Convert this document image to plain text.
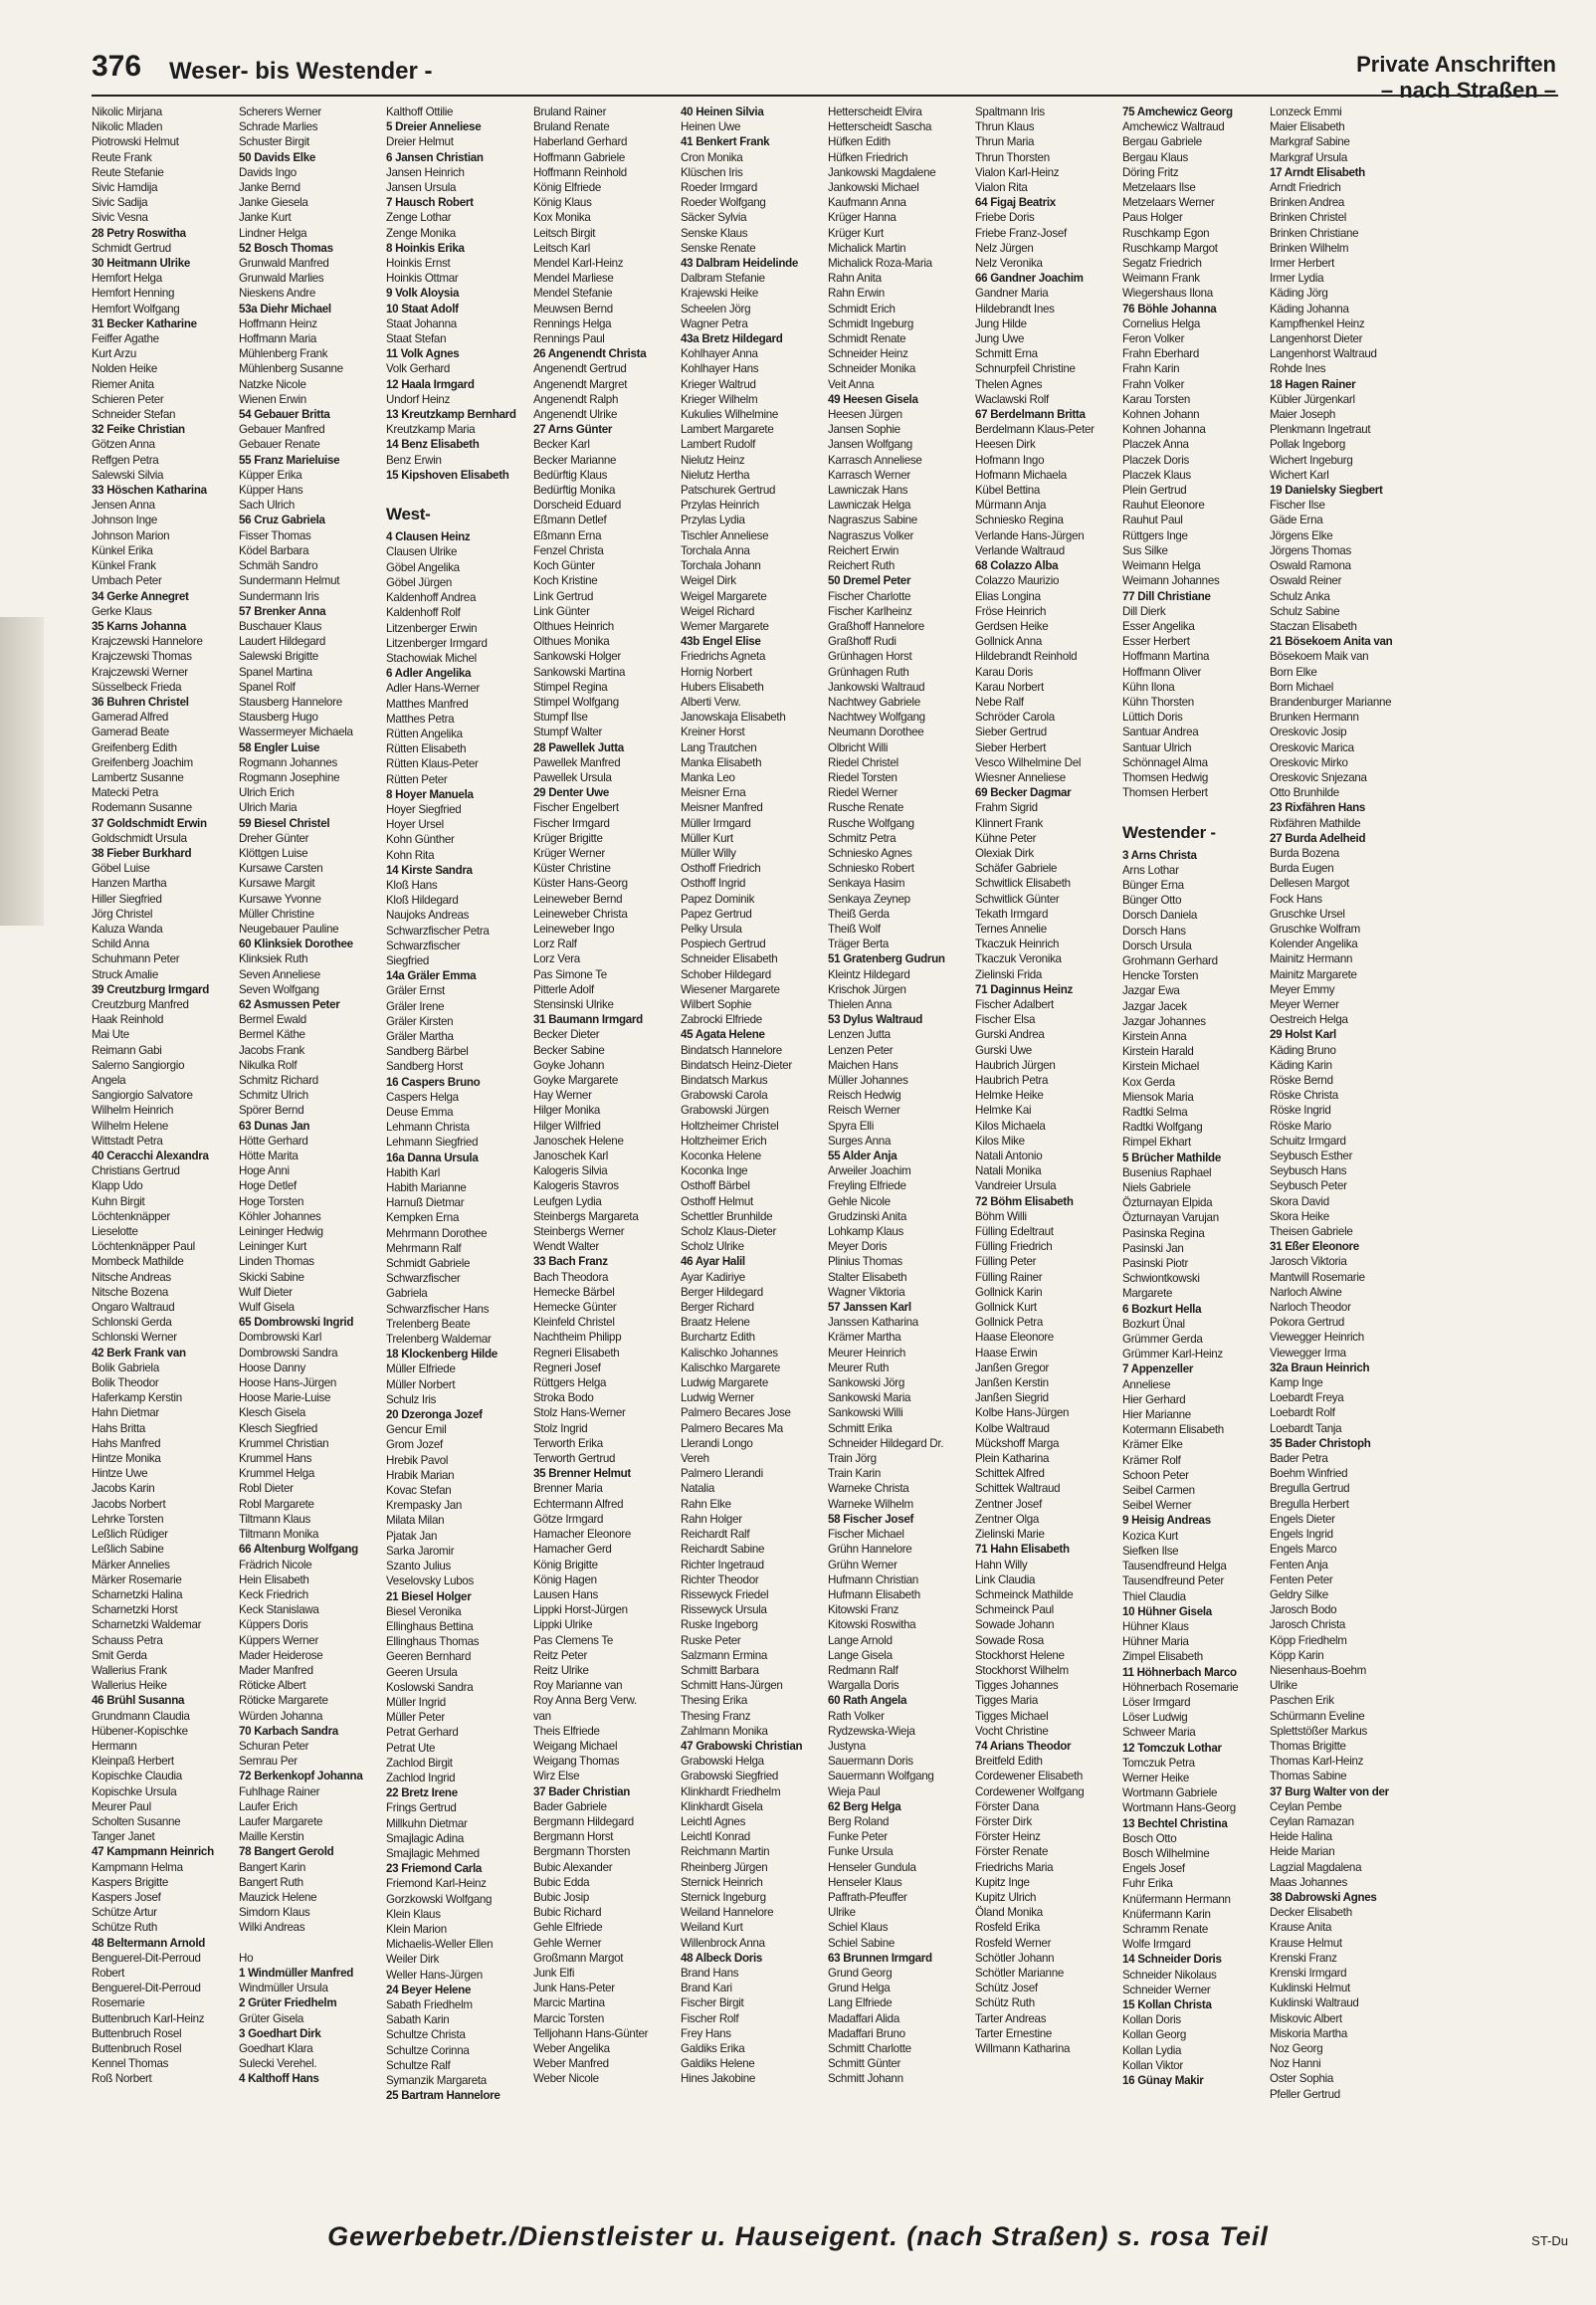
376 Weser- bis Westender -	Private Anschriften
– nach Straßen –
Nikolic Mirjana
Nikolic Mladen
Piotrowski Helmut
Reute Frank
Reute Stefanie
Sivic Hamdija
Sivic Sadija
Sivic Vesna
28 Petry Roswitha
Schmidt Gertrud
30 Heitmann Ulrike
Hemfort Helga
Hemfort Henning
Hemfort Wolfgang
31 Becker Katharine
Feiffer Agathe
Kurt Arzu
Nolden Heike
Riemer Anita
Schieren Peter
Schneider Stefan
32 Feike Christian
Götzen Anna
Reffgen Petra
Salewski Silvia
33 Höschen Katharina
Jensen Anna
Johnson Inge
Johnson Marion
Künkel Erika
Künkel Frank
Umbach Peter
34 Gerke Annegret
Gerke Klaus
35 Karns Johanna
Krajczewski Hannelore
Krajczewski Thomas
Krajczewski Werner
Süsselbeck Frieda
36 Buhren Christel
Gamerad Alfred
Gamerad Beate
Greifenberg Edith
Greifenberg Joachim
Lambertz Susanne
Matecki Petra
Rodemann Susanne
37 Goldschmidt Erwin
Goldschmidt Ursula
38 Fieber Burkhard
Göbel Luise
Hanzen Martha
Hiller Siegfried
Jörg Christel
Kaluza Wanda
Schild Anna
Schuhmann Peter
Struck Amalie
39 Creutzburg Irmgard
Creutzburg Manfred
Haak Reinhold
Mai Ute
Reimann Gabi
Salerno Sangiorgio
Angela
Sangiorgio Salvatore
Wilhelm Heinrich
Wilhelm Helene
Wittstadt Petra
40 Ceracchi Alexandra
Christians Gertrud
Klapp Udo
Kuhn Birgit
Löchtenknäpper
Lieselotte
Löchtenknäpper Paul
Mombeck Mathilde
Nitsche Andreas
Nitsche Bozena
Ongaro Waltraud
Schlonski Gerda
Schlonski Werner
42 Berk Frank van
Bolik Gabriela
Bolik Theodor
Haferkamp Kerstin
Hahn Dietmar
Hahs Britta
Hahs Manfred
Hintze Monika
Hintze Uwe
Jacobs Karin
Jacobs Norbert
Lehrke Torsten
Leßlich Rüdiger
Leßlich Sabine
Märker Annelies
Märker Rosemarie
Scharnetzki Halina
Scharnetzki Horst
Scharnetzki Waldemar
Schauss Petra
Smit Gerda
Wallerius Frank
Wallerius Heike
46 Brühl Susanna
Grundmann Claudia
Hübener-Kopischke
Hermann
Kleinpaß Herbert
Kopischke Claudia
Kopischke Ursula
Meurer Paul
Scholten Susanne
Tanger Janet
47 Kampmann Heinrich
Kampmann Helma
Kaspers Brigitte
Kaspers Josef
Schütze Artur
Schütze Ruth
48 Beltermann Arnold
Benguerel-Dit-Perroud
Robert
Benguerel-Dit-Perroud
Rosemarie
Buttenbruch Karl-Heinz
Buttenbruch Rosel
Buttenbruch Rosel
Kennel Thomas
Roß Norbert
Scherers Werner
Schrade Marlies
Schuster Birgit
50 Davids Elke
Davids Ingo
Janke Bernd
Janke Giesela
Janke Kurt
Lindner Helga
52 Bosch Thomas
Grunwald Manfred
Grunwald Marlies
Nieskens Andre
53a Diehr Michael
Hoffmann Heinz
Hoffmann Maria
Mühlenberg Frank
Mühlenberg Susanne
Natzke Nicole
Wienen Erwin
54 Gebauer Britta
Gebauer Manfred
Gebauer Renate
55 Franz Marieluise
Küpper Erika
Küpper Hans
Sach Ulrich
56 Cruz Gabriela
Fisser Thomas
Ködel Barbara
Schmäh Sandro
Sundermann Helmut
Sundermann Iris
57 Brenker Anna
Buschauer Klaus
Laudert Hildegard
Salewski Brigitte
Spanel Martina
Spanel Rolf
Stausberg Hannelore
Stausberg Hugo
Wassermeyer Michaela
58 Engler Luise
Rogmann Johannes
Rogmann Josephine
Ulrich Erich
Ulrich Maria
59 Biesel Christel
Dreher Günter
Klöttgen Luise
Kursawe Carsten
Kursawe Margit
Kursawe Yvonne
Müller Christine
Neugebauer Pauline
60 Klinksiek Dorothee
Klinksiek Ruth
Seven Anneliese
Seven Wolfgang
62 Asmussen Peter
Bermel Ewald
Bermel Käthe
Jacobs Frank
Nikulka Rolf
Schmitz Richard
Schmitz Ulrich
Spörer Bernd
63 Dunas Jan
Hötte Gerhard
Hötte Marita
Hoge Anni
Hoge Detlef
Hoge Torsten
Köhler Johannes
Leininger Hedwig
Leininger Kurt
Linden Thomas
Skicki Sabine
Wulf Dieter
Wulf Gisela
65 Dombrowski Ingrid
Dombrowski Karl
Dombrowski Sandra
Hoose Danny
Hoose Hans-Jürgen
Hoose Marie-Luise
Klesch Gisela
Klesch Siegfried
Krummel Christian
Krummel Hans
Krummel Helga
Robl Dieter
Robl Margarete
Tiltmann Klaus
Tiltmann Monika
66 Altenburg Wolfgang
Frädrich Nicole
Hein Elisabeth
Keck Friedrich
Keck Stanislawa
Küppers Doris
Küppers Werner
Mader Heiderose
Mader Manfred
Röticke Albert
Röticke Margarete
Würden Johanna
70 Karbach Sandra
Schuran Peter
Semrau Per
72 Berkenkopf Johanna
Fuhlhage Rainer
Laufer Erich
Laufer Margarete
Maille Kerstin
78 Bangert Gerold
Bangert Karin
Bangert Ruth
Mauzick Helene
Simdorn Klaus
Wilki Andreas

Ho
1 Windmüller Manfred
Windmüller Ursula
2 Grüter Friedhelm
Grüter Gisela
3 Goedhart Dirk
Goedhart Klara
Sulecki Verehel.
4 Kalthoff Hans
Kalthoff Ottilie
5 Dreier Anneliese
Dreier Helmut
6 Jansen Christian
Jansen Heinrich
Jansen Ursula
7 Hausch Robert
Zenge Lothar
Zenge Monika
8 Hoinkis Erika
Hoinkis Ernst
Hoinkis Ottmar
9 Volk Aloysia
10 Staat Adolf
Staat Johanna
Staat Stefan
11 Volk Agnes
Volk Gerhard
12 Haala Irmgard
Undorf Heinz
13 Kreutzkamp Bernhard
Kreutzkamp Maria
14 Benz Elisabeth
Benz Erwin
15 Kipshoven Elisabeth

West-
4 Clausen Heinz
Clausen Ulrike
Göbel Angelika
Göbel Jürgen
Kaldenhoff Andrea
Kaldenhoff Rolf
Litzenberger Erwin
Litzenberger Irmgard
Stachowiak Michel
6 Adler Angelika
Adler Hans-Werner
Matthes Manfred
Matthes Petra
Rütten Angelika
Rütten Elisabeth
Rütten Klaus-Peter
Rütten Peter
8 Hoyer Manuela
Hoyer Siegfried
Hoyer Ursel
Kohn Günther
Kohn Rita
14 Kirste Sandra
Kloß Hans
Kloß Hildegard
Naujoks Andreas
Schwarzfischer Petra
Schwarzfischer
Siegfried
14a Gräler Emma
Gräler Ernst
Gräler Irene
Gräler Kirsten
Gräler Martha
Sandberg Bärbel
Sandberg Horst
16 Caspers Bruno
Caspers Helga
Deuse Emma
Lehmann Christa
Lehmann Siegfried
16a Danna Ursula
Habith Karl
Habith Marianne
Harnuß Dietmar
Kempken Erna
Mehrmann Dorothee
Mehrmann Ralf
Schmidt Gabriele
Schwarzfischer
Gabriela
Schwarzfischer Hans
Trelenberg Beate
Trelenberg Waldemar
18 Klockenberg Hilde
Müller Elfriede
Müller Norbert
Schulz Iris
20 Dzeronga Jozef
Gencur Emil
Grom Jozef
Hrebik Pavol
Hrabik Marian
Kovac Stefan
Krempasky Jan
Milata Milan
Pjatak Jan
Sarka Jaromir
Szanto Julius
Veselovsky Lubos
21 Biesel Holger
Biesel Veronika
Ellinghaus Bettina
Ellinghaus Thomas
Geeren Bernhard
Geeren Ursula
Koslowski Sandra
Müller Ingrid
Müller Peter
Petrat Gerhard
Petrat Ute
Zachlod Birgit
Zachlod Ingrid
22 Bretz Irene
Frings Gertrud
Millkuhn Dietmar
Smajlagic Adina
Smajlagic Mehmed
23 Friemond Carla
Friemond Karl-Heinz
Gorzkowski Wolfgang
Klein Klaus
Klein Marion
Michaelis-Weller Ellen
Weiler Dirk
Weller Hans-Jürgen
24 Beyer Helene
Sabath Friedhelm
Sabath Karin
Schultze Christa
Schultze Corinna
Schultze Ralf
Symanzik Margareta
25 Bartram Hannelore
Bruland Rainer
Bruland Renate
Haberland Gerhard
Hoffmann Gabriele
Hoffmann Reinhold
König Elfriede
König Klaus
Kox Monika
Leitsch Birgit
Leitsch Karl
Mendel Karl-Heinz
Mendel Marliese
Mendel Stefanie
Meuwsen Bernd
Rennings Helga
Rennings Paul
26 Angenendt Christa
Angenendt Gertrud
Angenendt Margret
Angenendt Ralph
Angenendt Ulrike
27 Arns Günter
Becker Karl
Becker Marianne
Bedürftig Klaus
Bedürftig Monika
Dorscheid Eduard
Eßmann Detlef
Eßmann Erna
Fenzel Christa
Koch Günter
Koch Kristine
Link Gertrud
Link Günter
Olthues Heinrich
Olthues Monika
Sankowski Holger
Sankowski Martina
Stimpel Regina
Stimpel Wolfgang
Stumpf Ilse
Stumpf Walter
28 Pawellek Jutta
Pawellek Manfred
Pawellek Ursula
29 Denter Uwe
Fischer Engelbert
Fischer Irmgard
Krüger Brigitte
Krüger Werner
Küster Christine
Küster Hans-Georg
Leineweber Bernd
Leineweber Christa
Leineweber Ingo
Lorz Ralf
Lorz Vera
Pas Simone Te
Pitterle Adolf
Stensinski Ulrike
31 Baumann Irmgard
Becker Dieter
Becker Sabine
Goyke Johann
Goyke Margarete
Hay Werner
Hilger Monika
Hilger Wilfried
Janoschek Helene
Janoschek Karl
Kalogeris Silvia
Kalogeris Stavros
Leufgen Lydia
Steinbergs Margareta
Steinbergs Werner
Wendt Walter
33 Bach Franz
Bach Theodora
Hemecke Bärbel
Hemecke Günter
Kleinfeld Christel
Nachtheim Philipp
Regneri Elisabeth
Regneri Josef
Rüttgers Helga
Stroka Bodo
Stolz Hans-Werner
Stolz Ingrid
Terworth Erika
Terworth Gertrud
35 Brenner Helmut
Brenner Maria
Echtermann Alfred
Götze Irmgard
Hamacher Eleonore
Hamacher Gerd
König Brigitte
König Hagen
Lausen Hans
Lippki Horst-Jürgen
Lippki Ulrike
Pas Clemens Te
Reitz Peter
Reitz Ulrike
Roy Marianne van
Roy Anna Berg Verw.
van
Theis Elfriede
Weigang Michael
Weigang Thomas
Wirz Else
37 Bader Christian
Bader Gabriele
Bergmann Hildegard
Bergmann Horst
Bergmann Thorsten
Bubic Alexander
Bubic Edda
Bubic Josip
Bubic Richard
Gehle Elfriede
Gehle Werner
Großmann Margot
Junk Elfi
Junk Hans-Peter
Marcic Martina
Marcic Torsten
Telljohann Hans-Günter
Weber Angelika
Weber Manfred
Weber Nicole
40 Heinen Silvia
Heinen Uwe
41 Benkert Frank
Cron Monika
Klüschen Iris
Roeder Irmgard
Roeder Wolfgang
Säcker Sylvia
Senske Klaus
Senske Renate
43 Dalbram Heidelinde
Dalbram Stefanie
Krajewski Heike
Scheelen Jörg
Wagner Petra
43a Bretz Hildegard
Kohlhayer Anna
Kohlhayer Hans
Krieger Waltrud
Krieger Wilhelm
Kukulies Wilhelmine
Lambert Margarete
Lambert Rudolf
Nielutz Heinz
Nielutz Hertha
Patschurek Gertrud
Przylas Heinrich
Przylas Lydia
Tischler Anneliese
Torchala Anna
Torchala Johann
Weigel Dirk
Weigel Margarete
Weigel Richard
Wemer Margarete
43b Engel Elise
Friedrichs Agneta
Hornig Norbert
Hubers Elisabeth
Alberti Verw.
Janowskaja Elisabeth
Kreiner Horst
Lang Trautchen
Manka Elisabeth
Manka Leo
Meisner Erna
Meisner Manfred
Müller Irmgard
Müller Kurt
Müller Willy
Osthoff Friedrich
Osthoff Ingrid
Papez Dominik
Papez Gertrud
Pelky Ursula
Pospiech Gertrud
Schneider Elisabeth
Schober Hildegard
Wiesener Margarete
Wilbert Sophie
Zabrocki Elfriede
45 Agata Helene
Bindatsch Hannelore
Bindatsch Heinz-Dieter
Bindatsch Markus
Grabowski Carola
Grabowski Jürgen
Holtzheimer Christel
Holtzheimer Erich
Koconka Helene
Koconka Inge
Osthoff Bärbel
Osthoff Helmut
Schettler Brunhilde
Scholz Klaus-Dieter
Scholz Ulrike
46 Ayar Halil
Ayar Kadiriye
Berger Hildegard
Berger Richard
Braatz Helene
Burchartz Edith
Kalischko Johannes
Kalischko Margarete
Ludwig Margarete
Ludwig Werner
Palmero Becares Jose
Palmero Becares Ma
Llerandi Longo
Vereh
Palmero Llerandi
Natalia
Rahn Elke
Rahn Holger
Reichardt Ralf
Reichardt Sabine
Richter Ingetraud
Richter Theodor
Rissewyck Friedel
Rissewyck Ursula
Ruske Ingeborg
Ruske Peter
Salzmann Ermina
Schmitt Barbara
Schmitt Hans-Jürgen
Thesing Erika
Thesing Franz
Zahlmann Monika
47 Grabowski Christian
Grabowski Helga
Grabowski Siegfried
Klinkhardt Friedhelm
Klinkhardt Gisela
Leichtl Agnes
Leichtl Konrad
Reichmann Martin
Rheinberg Jürgen
Sternick Heinrich
Sternick Ingeburg
Weiland Hannelore
Weiland Kurt
Willenbrock Anna
48 Albeck Doris
Brand Hans
Brand Kari
Fischer Birgit
Fischer Rolf
Frey Hans
Galdiks Erika
Galdiks Helene
Hines Jakobine
Hetterscheidt Elvira
Hetterscheidt Sascha
Hüfken Edith
Hüfken Friedrich
Jankowski Magdalene
Jankowski Michael
Kaufmann Anna
Krüger Hanna
Krüger Kurt
Michalick Martin
Michalick Roza-Maria
Rahn Anita
Rahn Erwin
Schmidt Erich
Schmidt Ingeburg
Schmidt Renate
Schneider Heinz
Schneider Monika
Veit Anna
49 Heesen Gisela
Heesen Jürgen
Jansen Sophie
Jansen Wolfgang
Karrasch Anneliese
Karrasch Werner
Lawniczak Hans
Lawniczak Helga
Nagraszus Sabine
Nagraszus Volker
Reichert Erwin
Reichert Ruth
50 Dremel Peter
Fischer Charlotte
Fischer Karlheinz
Graßhoff Hannelore
Graßhoff Rudi
Grünhagen Horst
Grünhagen Ruth
Jankowski Waltraud
Nachtwey Gabriele
Nachtwey Wolfgang
Neumann Dorothee
Olbricht Willi
Riedel Christel
Riedel Torsten
Riedel Werner
Rusche Renate
Rusche Wolfgang
Schmitz Petra
Schniesko Agnes
Schniesko Robert
Senkaya Hasim
Senkaya Zeynep
Theiß Gerda
Theiß Wolf
Träger Berta
51 Gratenberg Gudrun
Kleintz Hildegard
Krischok Jürgen
Thielen Anna
53 Dylus Waltraud
Lenzen Jutta
Lenzen Peter
Maichen Hans
Müller Johannes
Reisch Hedwig
Reisch Werner
Spyra Elli
Surges Anna
55 Alder Anja
Arweiler Joachim
Freyling Elfriede
Gehle Nicole
Grudzinski Anita
Lohkamp Klaus
Meyer Doris
Plinius Thomas
Stalter Elisabeth
Wagner Viktoria
57 Janssen Karl
Janssen Katharina
Krämer Martha
Meurer Heinrich
Meurer Ruth
Sankowski Jörg
Sankowski Maria
Sankowski Willi
Schmitt Erika
Schneider Hildegard Dr.
Train Jörg
Train Karin
Warneke Christa
Warneke Wilhelm
58 Fischer Josef
Fischer Michael
Grühn Hannelore
Grühn Werner
Hufmann Christian
Hufmann Elisabeth
Kitowski Franz
Kitowski Roswitha
Lange Arnold
Lange Gisela
Redmann Ralf
Wargalla Doris
60 Rath Angela
Rath Volker
Rydzewska-Wieja
Justyna
Sauermann Doris
Sauermann Wolfgang
Wieja Paul
62 Berg Helga
Berg Roland
Funke Peter
Funke Ursula
Henseler Gundula
Henseler Klaus
Paffrath-Pfeuffer
Ulrike
Schiel Klaus
Schiel Sabine
63 Brunnen Irmgard
Grund Georg
Grund Helga
Lang Elfriede
Madaffari Alida
Madaffari Bruno
Schmitt Charlotte
Schmitt Günter
Schmitt Johann
Spaltmann Iris
Thrun Klaus
Thrun Maria
Thrun Thorsten
Vialon Karl-Heinz
Vialon Rita
64 Figaj Beatrix
Friebe Doris
Friebe Franz-Josef
Nelz Jürgen
Nelz Veronika
66 Gandner Joachim
Gandner Maria
Hildebrandt Ines
Jung Hilde
Jung Uwe
Schmitt Erna
Schnurpfeil Christine
Thelen Agnes
Waclawski Rolf
67 Berdelmann Britta
Berdelmann Klaus-Peter
Heesen Dirk
Hofmann Ingo
Hofmann Michaela
Kübel Bettina
Mürmann Anja
Schniesko Regina
Verlande Hans-Jürgen
Verlande Waltraud
68 Colazzo Alba
Colazzo Maurizio
Elias Longina
Fröse Heinrich
Gerdsen Heike
Gollnick Anna
Hildebrandt Reinhold
Karau Doris
Karau Norbert
Nebe Ralf
Schröder Carola
Sieber Gertrud
Sieber Herbert
Vesco Wilhelmine Del
Wiesner Anneliese
69 Becker Dagmar
Frahm Sigrid
Klinnert Frank
Kühne Peter
Olexiak Dirk
Schäfer Gabriele
Schwitlick Elisabeth
Schwitlick Günter
Tekath Irmgard
Ternes Annelie
Tkaczuk Heinrich
Tkaczuk Veronika
Zielinski Frida
71 Daginnus Heinz
Fischer Adalbert
Fischer Elsa
Gurski Andrea
Gurski Uwe
Haubrich Jürgen
Haubrich Petra
Helmke Heike
Helmke Kai
Kilos Michaela
Kilos Mike
Natali Antonio
Natali Monika
Vandreier Ursula
72 Böhm Elisabeth
Böhm Willi
Fülling Edeltraut
Fülling Friedrich
Fülling Peter
Fülling Rainer
Gollnick Karin
Gollnick Kurt
Gollnick Petra
Haase Eleonore
Haase Erwin
Janßen Gregor
Janßen Kerstin
Janßen Siegrid
Kolbe Hans-Jürgen
Kolbe Waltraud
Mückshoff Marga
Plein Katharina
Schittek Alfred
Schittek Waltraud
Zentner Josef
Zentner Olga
Zielinski Marie
71 Hahn Elisabeth
Hahn Willy
Link Claudia
Schmeinck Mathilde
Schmeinck Paul
Sowade Johann
Sowade Rosa
Stockhorst Helene
Stockhorst Wilhelm
Tigges Johannes
Tigges Maria
Tigges Michael
Vocht Christine
74 Arians Theodor
Breitfeld Edith
Cordewener Elisabeth
Cordewener Wolfgang
Förster Dana
Förster Dirk
Förster Heinz
Förster Renate
Friedrichs Maria
Kupitz Inge
Kupitz Ulrich
Öland Monika
Rosfeld Erika
Rosfeld Werner
Schötler Johann
Schötler Marianne
Schütz Josef
Schütz Ruth
Tarter Andreas
Tarter Ernestine
Willmann Katharina
75 Amchewicz Georg
Amchewicz Waltraud
Bergau Gabriele
Bergau Klaus
Döring Fritz
Metzelaars Ilse
Metzelaars Werner
Paus Holger
Ruschkamp Egon
Ruschkamp Margot
Segatz Friedrich
Weimann Frank
Wiegershaus Ilona
76 Böhle Johanna
Cornelius Helga
Feron Volker
Frahn Eberhard
Frahn Karin
Frahn Volker
Karau Torsten
Kohnen Johann
Kohnen Johanna
Placzek Anna
Placzek Doris
Placzek Klaus
Plein Gertrud
Rauhut Eleonore
Rauhut Paul
Rüttgers Inge
Sus Silke
Weimann Helga
Weimann Johannes
77 Dill Christiane
Dill Dierk
Esser Angelika
Esser Herbert
Hoffmann Martina
Hoffmann Oliver
Kühn Ilona
Kühn Thorsten
Lüttich Doris
Santuar Andrea
Santuar Ulrich
Schönnagel Alma
Thomsen Hedwig
Thomsen Herbert

Westender -
3 Arns Christa
Arns Lothar
Bünger Erna
Bünger Otto
Dorsch Daniela
Dorsch Hans
Dorsch Ursula
Grohmann Gerhard
Hencke Torsten
Jazgar Ewa
Jazgar Jacek
Jazgar Johannes
Kirstein Anna
Kirstein Harald
Kirstein Michael
Kox Gerda
Miensok Maria
Radtki Selma
Radtki Wolfgang
Rimpel Ekhart
5 Brücher Mathilde
Busenius Raphael
Niels Gabriele
Özturnayan Elpida
Özturnayan Varujan
Pasinska Regina
Pasinski Jan
Pasinski Piotr
Schwiontkowski
Margarete
6 Bozkurt Hella
Bozkurt Ünal
Grümmer Gerda
Grümmer Karl-Heinz
7 Appenzeller
Anneliese
Hier Gerhard
Hier Marianne
Kotermann Elisabeth
Krämer Elke
Krämer Rolf
Schoon Peter
Seibel Carmen
Seibel Werner
9 Heisig Andreas
Kozica Kurt
Siefken Ilse
Tausendfreund Helga
Tausendfreund Peter
Thiel Claudia
10 Hühner Gisela
Hühner Klaus
Hühner Maria
Zimpel Elisabeth
11 Höhnerbach Marco
Höhnerbach Rosemarie
Löser Irmgard
Löser Ludwig
Schweer Maria
12 Tomczuk Lothar
Tomczuk Petra
Werner Heike
Wortmann Gabriele
Wortmann Hans-Georg
13 Bechtel Christina
Bosch Otto
Bosch Wilhelmine
Engels Josef
Fuhr Erika
Knüfermann Hermann
Knüfermann Karin
Schramm Renate
Wolfe Irmgard
14 Schneider Doris
Schneider Nikolaus
Schneider Werner
15 Kollan Christa
Kollan Doris
Kollan Georg
Kollan Lydia
Kollan Viktor
16 Günay Makir
Lonzeck Emmi
Maier Elisabeth
Markgraf Sabine
Markgraf Ursula
17 Arndt Elisabeth
Arndt Friedrich
Brinken Andrea
Brinken Christel
Brinken Christiane
Brinken Wilhelm
Irmer Herbert
Irmer Lydia
Käding Jörg
Käding Johanna
Kampfhenkel Heinz
Langenhorst Dieter
Langenhorst Waltraud
Rohde Ines
18 Hagen Rainer
Kübler Jürgenkarl
Maier Joseph
Plenkmann Ingetraut
Pollak Ingeborg
Wichert Ingeburg
Wichert Karl
19 Danielsky Siegbert
Fischer Ilse
Gäde Erna
Jörgens Elke
Jörgens Thomas
Oswald Ramona
Oswald Reiner
Schulz Anka
Schulz Sabine
Staczan Elisabeth
21 Bösekoem Anita van
Bösekoem Maik van
Born Elke
Born Michael
Brandenburger Marianne
Brunken Hermann
Oreskovic Josip
Oreskovic Marica
Oreskovic Mirko
Oreskovic Snjezana
Otto Brunhilde
23 Rixfähren Hans
Rixfähren Mathilde
27 Burda Adelheid
Burda Bozena
Burda Eugen
Dellesen Margot
Fock Hans
Gruschke Ursel
Gruschke Wolfram
Kolender Angelika
Mainitz Hermann
Mainitz Margarete
Meyer Emmy
Meyer Werner
Oestreich Helga
29 Holst Karl
Käding Bruno
Käding Karin
Röske Bernd
Röske Christa
Röske Ingrid
Röske Mario
Schuitz Irmgard
Seybusch Esther
Seybusch Hans
Seybusch Peter
Skora David
Skora Heike
Theisen Gabriele
31 Eßer Eleonore
Jarosch Viktoria
Mantwill Rosemarie
Narloch Alwine
Narloch Theodor
Pokora Gertrud
Viewegger Heinrich
Viewegger Irma
32a Braun Heinrich
Kamp Inge
Loebardt Freya
Loebardt Rolf
Loebardt Tanja
35 Bader Christoph
Bader Petra
Boehm Winfried
Bregulla Gertrud
Bregulla Herbert
Engels Dieter
Engels Ingrid
Engels Marco
Fenten Anja
Fenten Peter
Geldry Silke
Jarosch Bodo
Jarosch Christa
Köpp Friedhelm
Köpp Karin
Niesenhaus-Boehm
Ulrike
Paschen Erik
Schürmann Eveline
Splettstößer Markus
Thomas Brigitte
Thomas Karl-Heinz
Thomas Sabine
37 Burg Walter von der
Ceylan Pembe
Ceylan Ramazan
Heide Halina
Heide Marian
Lagzial Magdalena
Maas Johannes
38 Dabrowski Agnes
Decker Elisabeth
Krause Anita
Krause Helmut
Krenski Franz
Krenski Irmgard
Kuklinski Helmut
Kuklinski Waltraud
Miskovic Albert
Miskoria Martha
Noz Georg
Noz Hanni
Oster Sophia
Pfeller Gertrud
Gewerbebetr./Dienstleister u. Hauseigent. (nach Straßen) s. rosa Teil	ST-Du
